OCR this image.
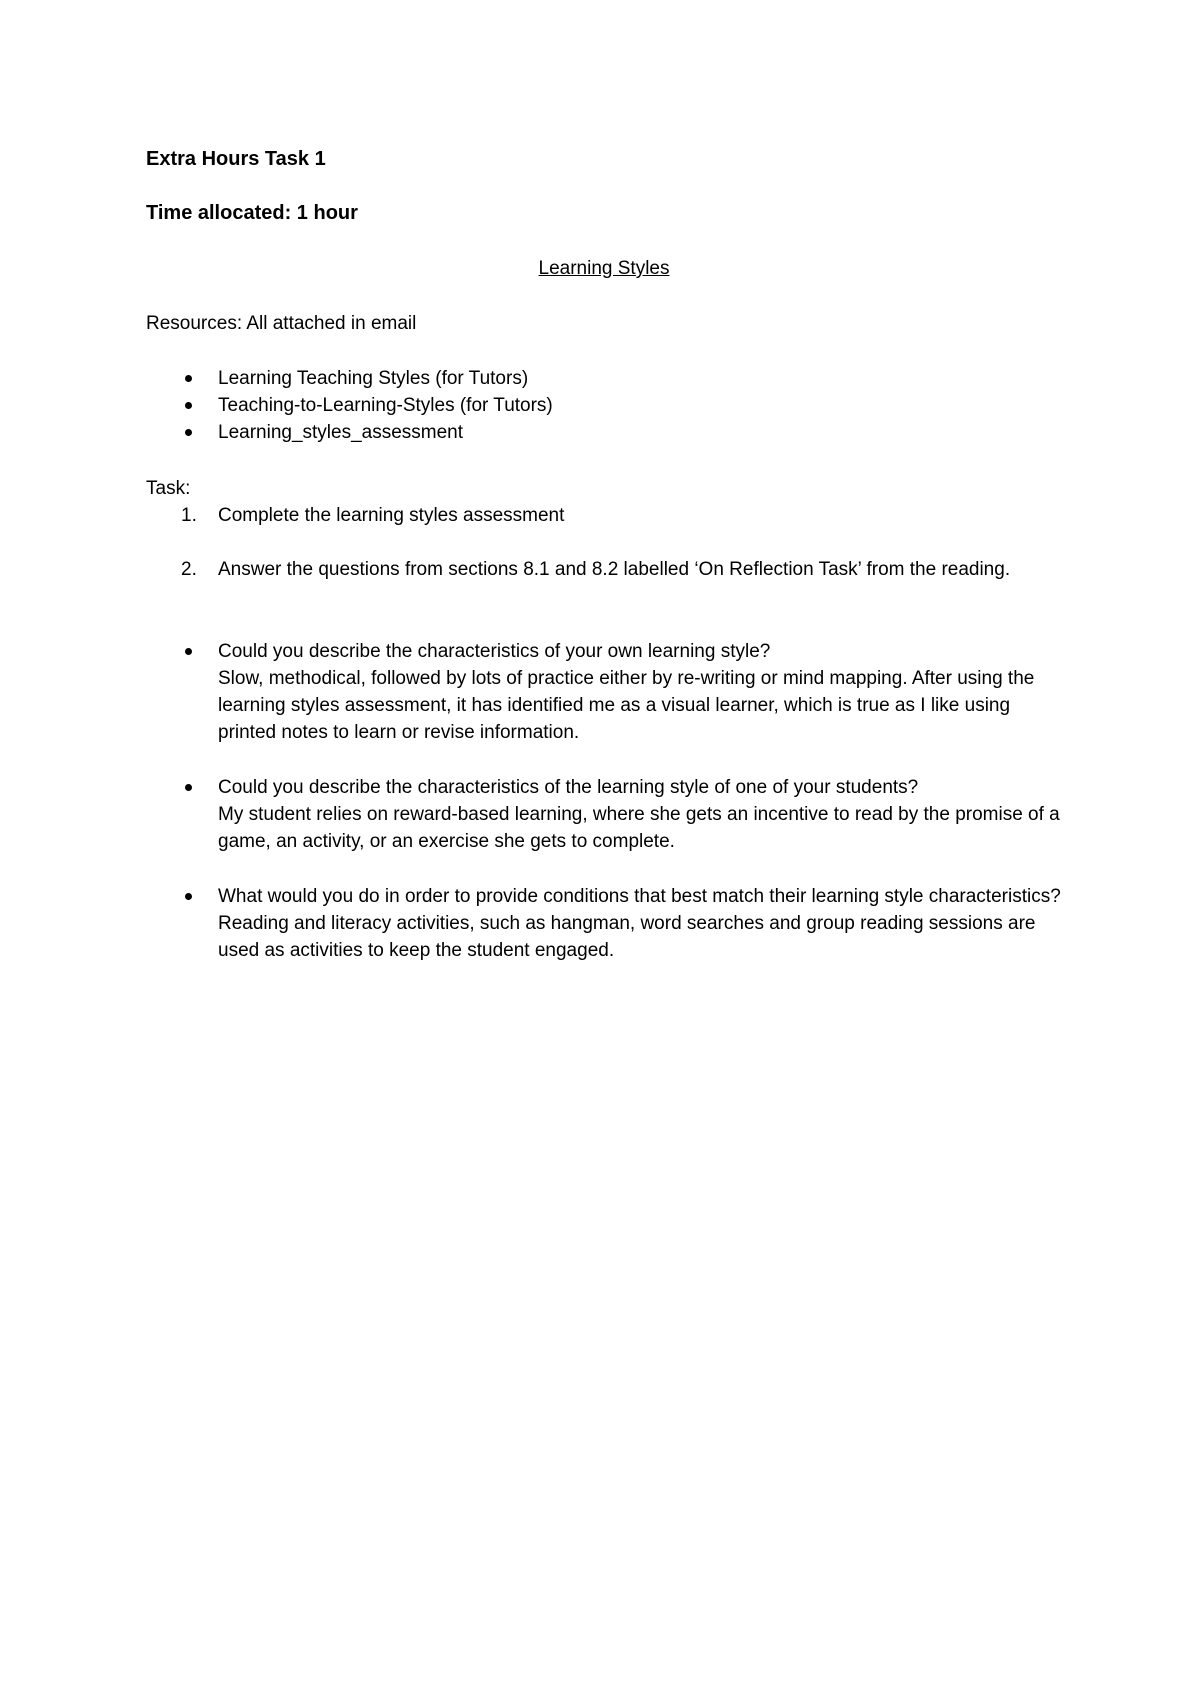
Extra Hours Task 1
Time allocated: 1 hour
Learning Styles
Resources: All attached in email
Learning Teaching Styles (for Tutors)
Teaching-to-Learning-Styles (for Tutors)
Learning_styles_assessment
Task:
1. Complete the learning styles assessment
2. Answer the questions from sections 8.1 and 8.2 labelled ‘On Reflection Task’ from the reading.
Could you describe the characteristics of your own learning style?
Slow, methodical, followed by lots of practice either by re-writing or mind mapping. After using the learning styles assessment, it has identified me as a visual learner, which is true as I like using printed notes to learn or revise information.
Could you describe the characteristics of the learning style of one of your students?
My student relies on reward-based learning, where she gets an incentive to read by the promise of a game, an activity, or an exercise she gets to complete.
What would you do in order to provide conditions that best match their learning style characteristics?
Reading and literacy activities, such as hangman, word searches and group reading sessions are used as activities to keep the student engaged.
